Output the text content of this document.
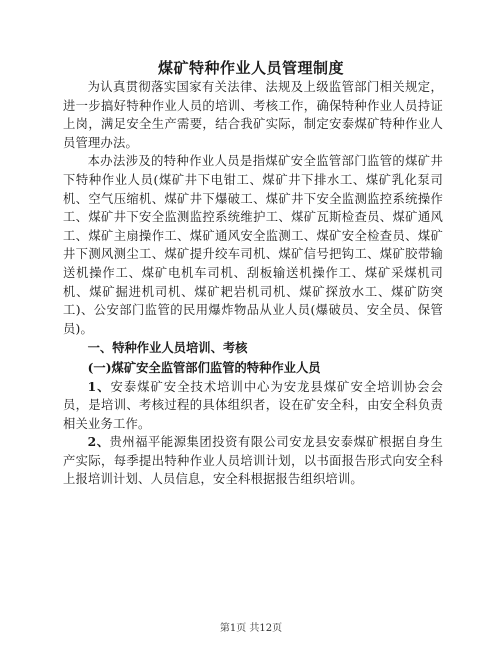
煤矿特种作业人员管理制度

为认真贯彻落实国家有关法律、法规及上级监管部门相关规定，进一步搞好特种作业人员的培训、考核工作，确保特种作业人员持证上岗，满足安全生产需要，结合我矿实际，制定安泰煤矿特种作业人员管理办法。

本办法涉及的特种作业人员是指煤矿安全监管部门监管的煤矿井下特种作业人员(煤矿井下电钳工、煤矿井下排水工、煤矿乳化泵司机、空气压缩机、煤矿井下爆破工、煤矿井下安全监测监控系统操作工、煤矿井下安全监测监控系统维护工、煤矿瓦斯检查员、煤矿通风工、煤矿主扇操作工、煤矿通风安全监测工、煤矿安全检查员、煤矿井下测风测尘工、煤矿提升绞车司机、煤矿信号把钩工、煤矿胶带输送机操作工、煤矿电机车司机、刮板输送机操作工、煤矿采煤机司机、煤矿掘进机司机、煤矿耙岩机司机、煤矿探放水工、煤矿防突工)、公安部门监管的民用爆炸物品从业人员(爆破员、安全员、保管员)。

一、特种作业人员培训、考核

(一)煤矿安全监管部们监管的特种作业人员

1、安泰煤矿安全技术培训中心为安龙县煤矿安全培训协会会员，是培训、考核过程的具体组织者，设在矿安全科，由安全科负责相关业务工作。

2、贵州福平能源集团投资有限公司安龙县安泰煤矿根据自身生产实际，每季提出特种作业人员培训计划，以书面报告形式向安全科上报培训计划、人员信息，安全科根据报告组织培训。

第1页 共12页
